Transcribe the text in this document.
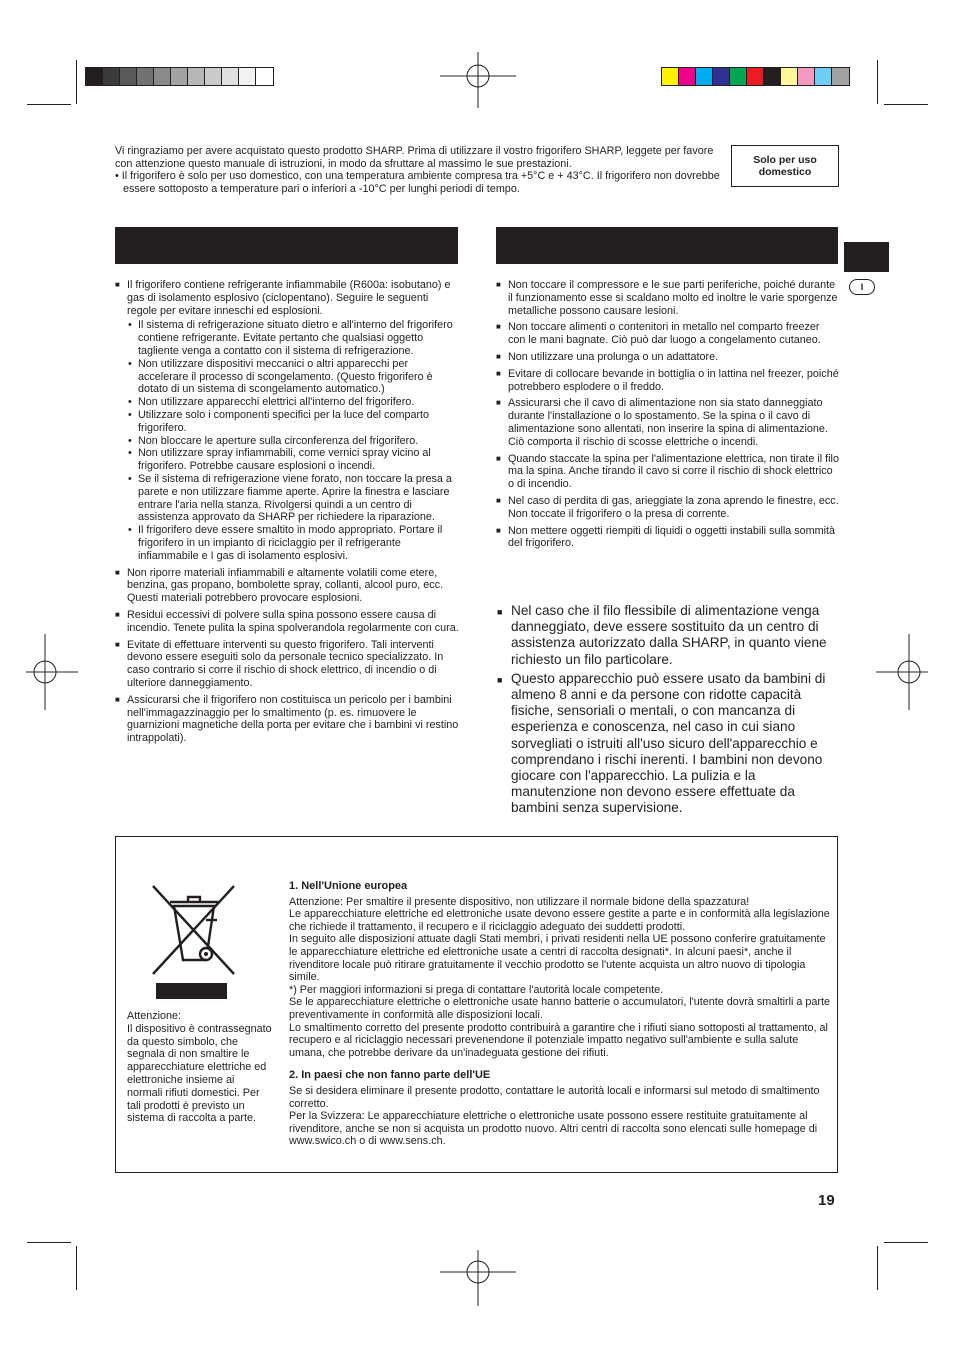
Vi ringraziamo per avere acquistato questo prodotto SHARP. Prima di utilizzare il vostro frigorifero SHARP, leggete per favore con attenzione questo manuale di istruzioni, in modo da sfruttare al massimo le sue prestazioni.

• Il frigorifero è solo per uso domestico, con una temperatura ambiente compresa tra +5°C e + 43°C. Il frigorifero non dovrebbe essere sottoposto a temperature pari o inferiori a -10°C per lunghi periodi di tempo.

Solo per uso domestico
I
■ Il frigorifero contiene refrigerante infiammabile (R600a: isobutano) e gas di isolamento esplosivo (ciclopentano). Seguire le seguenti regole per evitare inneschi ed esplosioni.
• Il sistema di refrigerazione situato dietro e all'interno del frigorifero contiene refrigerante. Evitate pertanto che qualsiasi oggetto tagliente venga a contatto con il sistema di refrigerazione.
• Non utilizzare dispositivi meccanici o altri apparecchi per accelerare il processo di scongelamento. (Questo frigorifero è dotato di un sistema di scongelamento automatico.)
• Non utilizzare apparecchi elettrici all'interno del frigorifero.
• Utilizzare solo i componenti specifici per la luce del comparto frigorifero.
• Non bloccare le aperture sulla circonferenza del frigorifero.
• Non utilizzare spray infiammabili, come vernici spray vicino al frigorifero. Potrebbe causare esplosioni o incendi.
• Se il sistema di refrigerazione viene forato, non toccare la presa a parete e non utilizzare fiamme aperte. Aprire la finestra e lasciare entrare l'aria nella stanza. Rivolgersi quindi a un centro di assistenza approvato da SHARP per richiedere la riparazione.
• Il frigorifero deve essere smaltito in modo appropriato. Portare il frigorifero in un impianto di riciclaggio per il refrigerante infiammabile e I gas di isolamento esplosivi.
■ Non riporre materiali infiammabili e altamente volatili come etere, benzina, gas propano, bombolette spray, collanti, alcool puro, ecc. Questi materiali potrebbero provocare esplosioni.
■ Residui eccessivi di polvere sulla spina possono essere causa di incendio. Tenete pulita la spina spolverandola regolarmente con cura.
■ Evitate di effettuare interventi su questo frigorifero. Tali interventi devono essere eseguiti solo da personale tecnico specializzato. In caso contrario si corre il rischio di shock elettrico, di incendio o di ulteriore danneggiamento.
■ Assicurarsi che il frigorifero non costituisca un pericolo per i bambini nell'immagazzinaggio per lo smaltimento (p. es. rimuovere le guarnizioni magnetiche della porta per evitare che i bambini vi restino intrappolati).
■ Non toccare il compressore e le sue parti periferiche, poiché durante il funzionamento esse si scaldano molto ed inoltre le varie sporgenze metalliche possono causare lesioni.
■ Non toccare alimenti o contenitori in metallo nel comparto freezer con le mani bagnate. Ciò può dar luogo a congelamento cutaneo.
■ Non utilizzare una prolunga o un adattatore.
■ Evitare di collocare bevande in bottiglia o in lattina nel freezer, poiché potrebbero esplodere o il freddo.
■ Assicurarsi che il cavo di alimentazione non sia stato danneggiato durante l'installazione o lo spostamento. Se la spina o il cavo di alimentazione sono allentati, non inserire la spina di alimentazione. Ciò comporta il rischio di scosse elettriche o incendi.
■ Quando staccate la spina per l'alimentazione elettrica, non tirate il filo ma la spina. Anche tirando il cavo si corre il rischio di shock elettrico o di incendio.
■ Nel caso di perdita di gas, arieggiate la zona aprendo le finestre, ecc. Non toccate il frigorifero o la presa di corrente.
■ Non mettere oggetti riempiti di liquidi o oggetti instabili sulla sommità del frigorifero.
■ Nel caso che il filo flessibile di alimentazione venga danneggiato, deve essere sostituito da un centro di assistenza autorizzato dalla SHARP, in quanto viene richiesto un filo particolare.
■ Questo apparecchio può essere usato da bambini di almeno 8 anni e da persone con ridotte capacità fisiche, sensoriali o mentali, o con mancanza di esperienza e conoscenza, nel caso in cui siano sorvegliati o istruiti all'uso sicuro dell'apparecchio e comprendano i rischi inerenti. I bambini non devono giocare con l'apparecchio. La pulizia e la manutenzione non devono essere effettuate da bambini senza supervisione.
Attenzione:
Il dispositivo è contrassegnato da questo simbolo, che segnala di non smaltire le apparecchiature elettriche ed elettroniche insieme ai normali rifiuti domestici. Per tali prodotti è previsto un sistema di raccolta a parte.
1. Nell'Unione europea

Attenzione: Per smaltire il presente dispositivo, non utilizzare il normale bidone della spazzatura!

Le apparecchiature elettriche ed elettroniche usate devono essere gestite a parte e in conformità alla legislazione che richiede il trattamento, il recupero e il riciclaggio adeguato dei suddetti prodotti.

In seguito alle disposizioni attuate dagli Stati membri, i privati residenti nella UE possono conferire gratuitamente le apparecchiature elettriche ed elettroniche usate a centri di raccolta designati*. In alcuni paesi*, anche il rivenditore locale può ritirare gratuitamente il vecchio prodotto se l'utente acquista un altro nuovo di tipologia simile.

*) Per maggiori informazioni si prega di contattare l'autorità locale competente.

Se le apparecchiature elettriche o elettroniche usate hanno batterie o accumulatori, l'utente dovrà smaltirli a parte preventivamente in conformità alle disposizioni locali.

Lo smaltimento corretto del presente prodotto contribuirà a garantire che i rifiuti siano sottoposti al trattamento, al recupero e al riciclaggio necessari prevenendone il potenziale impatto negativo sull'ambiente e sulla salute umana, che potrebbe derivare da un'inadeguata gestione dei rifiuti.

2. In paesi che non fanno parte dell'UE

Se si desidera eliminare il presente prodotto, contattare le autorità locali e informarsi sul metodo di smaltimento corretto.

Per la Svizzera: Le apparecchiature elettriche o elettroniche usate possono essere restituite gratuitamente al rivenditore, anche se non si acquista un prodotto nuovo. Altri centri di raccolta sono elencati sulle homepage di www.swico.ch o di www.sens.ch.

19
